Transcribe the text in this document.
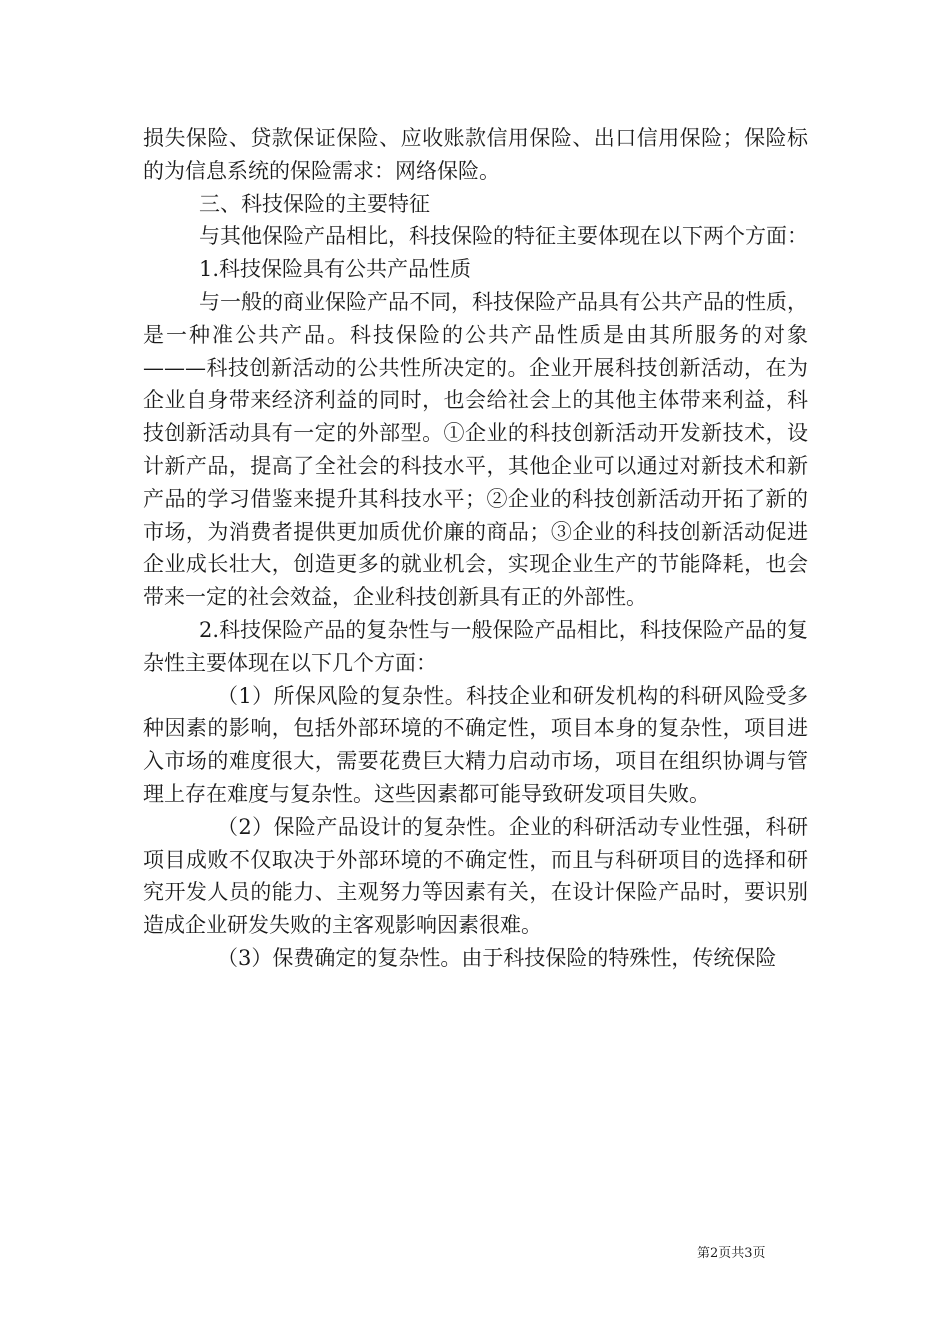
损失保险、贷款保证保险、应收账款信用保险、出口信用保险；保险标的为信息系统的保险需求：网络保险。

三、科技保险的主要特征

与其他保险产品相比，科技保险的特征主要体现在以下两个方面：

1.科技保险具有公共产品性质

与一般的商业保险产品不同，科技保险产品具有公共产品的性质，是一种准公共产品。科技保险的公共产品性质是由其所服务的对象———科技创新活动的公共性所决定的。企业开展科技创新活动，在为企业自身带来经济利益的同时，也会给社会上的其他主体带来利益，科技创新活动具有一定的外部型。①企业的科技创新活动开发新技术，设计新产品，提高了全社会的科技水平，其他企业可以通过对新技术和新产品的学习借鉴来提升其科技水平；②企业的科技创新活动开拓了新的市场，为消费者提供更加质优价廉的商品；③企业的科技创新活动促进企业成长壮大，创造更多的就业机会，实现企业生产的节能降耗，也会带来一定的社会效益，企业科技创新具有正的外部性。

2.科技保险产品的复杂性与一般保险产品相比，科技保险产品的复杂性主要体现在以下几个方面：

（1）所保风险的复杂性。科技企业和研发机构的科研风险受多种因素的影响，包括外部环境的不确定性，项目本身的复杂性，项目进入市场的难度很大，需要花费巨大精力启动市场，项目在组织协调与管理上存在难度与复杂性。这些因素都可能导致研发项目失败。

（2）保险产品设计的复杂性。企业的科研活动专业性强，科研项目成败不仅取决于外部环境的不确定性，而且与科研项目的选择和研究开发人员的能力、主观努力等因素有关，在设计保险产品时，要识别造成企业研发失败的主客观影响因素很难。

（3）保费确定的复杂性。由于科技保险的特殊性，传统保险

第2页共3页
